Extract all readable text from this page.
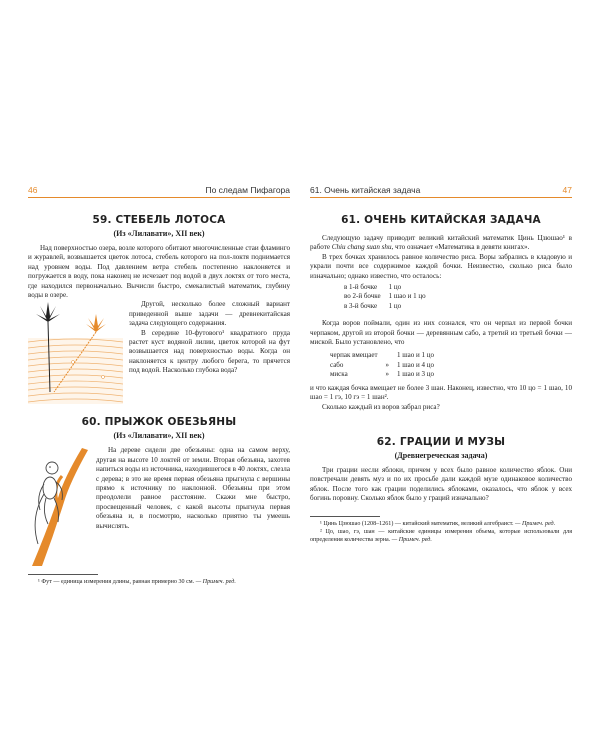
46	По следам Пифагора
59. СТЕБЕЛЬ ЛОТОСА
(Из «Лилавати», XII век)

Над поверхностью озера, возле которого обитают многочисленные стаи фламинго и журавлей, возвышается цветок лотоса, стебель которого на пол-локтя поднимается над уровнем воды. Под давлением ветра стебель постепенно наклоняется и погружается в воду, пока наконец не исчезает под водой в двух локтях от того места, где находился первоначально. Вычисли быстро, смекалистый математик, глубину воды в озере.

Другой, несколько более сложный вариант приведенной выше задачи — древнекитайская задача следующего содержания.

В середине 10-футового¹ квадратного пруда растет куст водяной лилии, цветок которой на фут возвышается над поверхностью воды. Когда он наклоняется к центру любого берега, то прячется под водой. Насколько глубока вода?

60. ПРЫЖОК ОБЕЗЬЯНЫ
(Из «Лилавати», XII век)

На дереве сидели две обезьяны: одна на самом верху, другая на высоте 10 локтей от земли. Вторая обезьяна, захотев напиться воды из источника, находившегося в 40 локтях, слезла с дерева; в это же время первая обезьяна прыгнула с вершины прямо к источнику по наклонной. Обезьяны при этом преодолели равное расстояние. Скажи мне быстро, просвещенный человек, с какой высоты прыгнула первая обезьяна и, в посмотрю, насколько приятно ты умеешь вычислять.

¹ Фут — единица измерения длины, равная примерно 30 см. — Примеч. ред.

61. Очень китайская задача	47
61. ОЧЕНЬ КИТАЙСКАЯ ЗАДАЧА

Следующую задачу приводит великий китайский математик Цинь Цзюшао¹ в работе Chiu chang suan shu, что означает «Математика в девяти книгах».

В трех бочках хранилось равное количество риса. Воры забрались в кладовую и украли почти все содержимое каждой бочки. Неизвестно, сколько риса было изначально; однако известно, что осталось:

в 1-й бочке	1 цо
во 2-й бочке	1 шао и 1 цо
в 3-й бочке	1 цо

Когда воров поймали, один из них сознался, что он черпал из первой бочки черпаком, другой из второй бочки — деревянным сабо, а третий из третьей бочки — миской. Было установлено, что

черпак вмещает		1 шао и 1 цо
сабо	»	1 шао и 4 цо
миска	»	1 шао и 3 цо

и что каждая бочка вмещает не более 3 шан. Наконец, известно, что 10 цо = 1 шао, 10 шао = 1 гэ, 10 гэ = 1 шан².

Сколько каждый из воров забрал риса?

62. ГРАЦИИ И МУЗЫ
(Древнегреческая задача)

Три грации несли яблоки, причем у всех было равное количество яблок. Они повстречали девять муз и по их просьбе дали каждой музе одинаковое количество яблок. После того как грации поделились яблоками, оказалось, что яблок у всех богинь поровну. Сколько яблок было у граций изначально?

¹ Цинь Цзюшао (1208–1261) — китайский математик, великий алгебраист. — Примеч. ред.

² Цо, шао, гэ, шан — китайские единицы измерения объема, которые использовали для определения количества зерна. — Примеч. ред.
